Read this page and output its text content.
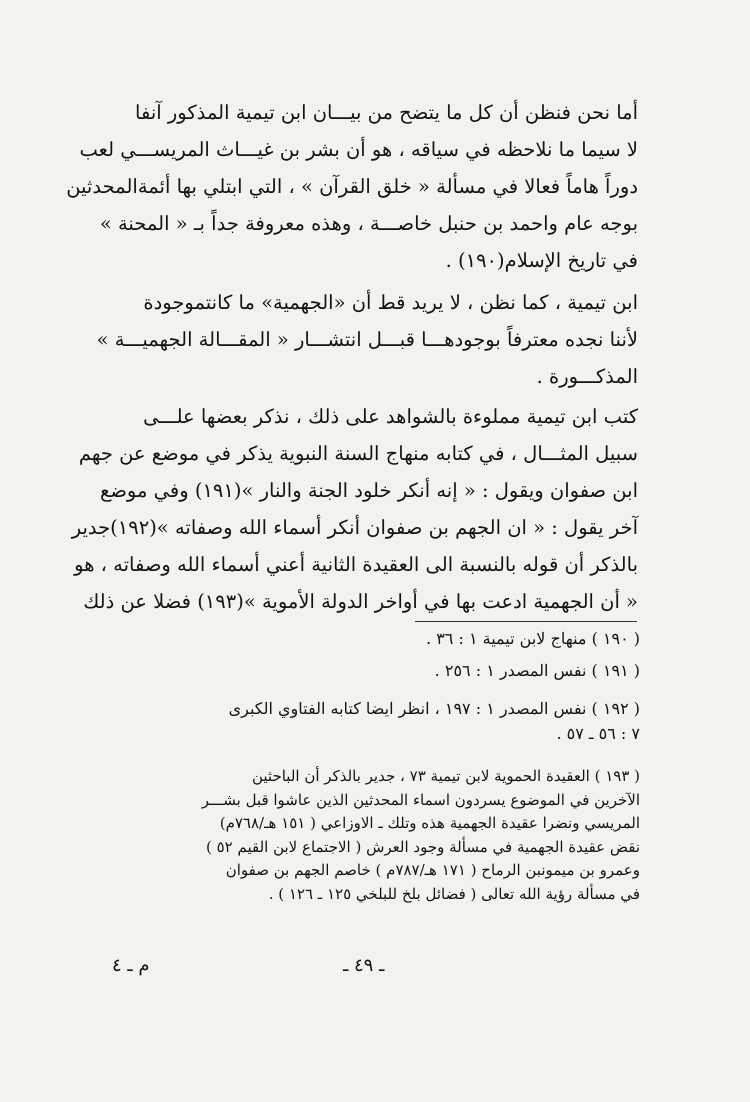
أما نحن فنظن أن كل ما يتضح من بيـــان ابن تيمية المذكور آنفا
لا سيما ما نلاحظه في سياقه ، هو أن بشر بن غيـــاث المريســـي لعب
دوراً هاماً فعالا في مسألة « خلق القرآن » ، التي ابتلي بها أئمةالمحدثين
بوجه عام واحمد بن حنبل خاصـــة ، وهذه معروفة جداً بـ « المحنة »
في تاريخ الإسلام(١٩٠) .
ابن تيمية ، كما نظن ، لا يريد قط أن «الجهمية» ما كانتموجودة
لأننا نجده معترفاً بوجودهـــا قبـــل انتشـــار « المقـــالة الجهميـــة »
المذكـــورة .
كتب ابن تيمية مملوءة بالشواهد على ذلك ، نذكر بعضها علـــى
سبيل المثـــال ، في كتابه منهاج السنة النبوية يذكر في موضع عن جهم
ابن صفوان ويقول : « إنه أنكر خلود الجنة والنار »(١٩١) وفي موضع
آخر يقول : « ان الجهم بن صفوان أنكر أسماء الله وصفاته »(١٩٢)جدير
بالذكر أن قوله بالنسبة الى العقيدة الثانية أعني أسماء الله وصفاته ، هو
« أن الجهمية ادعت بها في أواخر الدولة الأموية »(١٩٣) فضلا عن ذلك
( ١٩٠ ) منهاج لابن تيمية ١ : ٣٦ .
( ١٩١ ) نفس المصدر ١ : ٢٥٦ .
( ١٩٢ ) نفس المصدر ١ : ١٩٧ ، انظر ايضا كتابه الفتاوي الكبرى
٧ : ٥٦ ـ ٥٧ .
( ١٩٣ ) العقيدة الحموية لابن تيمية ٧٣ ، جدير بالذكر أن الباحثين
الآخرين في الموضوع يسردون اسماء المحدثين الذين عاشوا قبل بشـــر
المريسي ونضرا عقيدة الجهمية هذه وتلك ـ الاوزاعي ( ١٥١ هـ/٧٦٨م)
نقض عقيدة الجهمية في مسألة وجود العرش ( الاجتماع لابن القيم ٥٢ )
وعمرو بن ميمونبن الرماح ( ١٧١ هـ/٧٨٧م ) خاصم الجهم بن صفوان
في مسألة رؤية الله تعالى ( فضائل بلخ للبلخي ١٢٥ ـ ١٢٦ ) .
ـ ٤٩ ـ
م ـ ٤
